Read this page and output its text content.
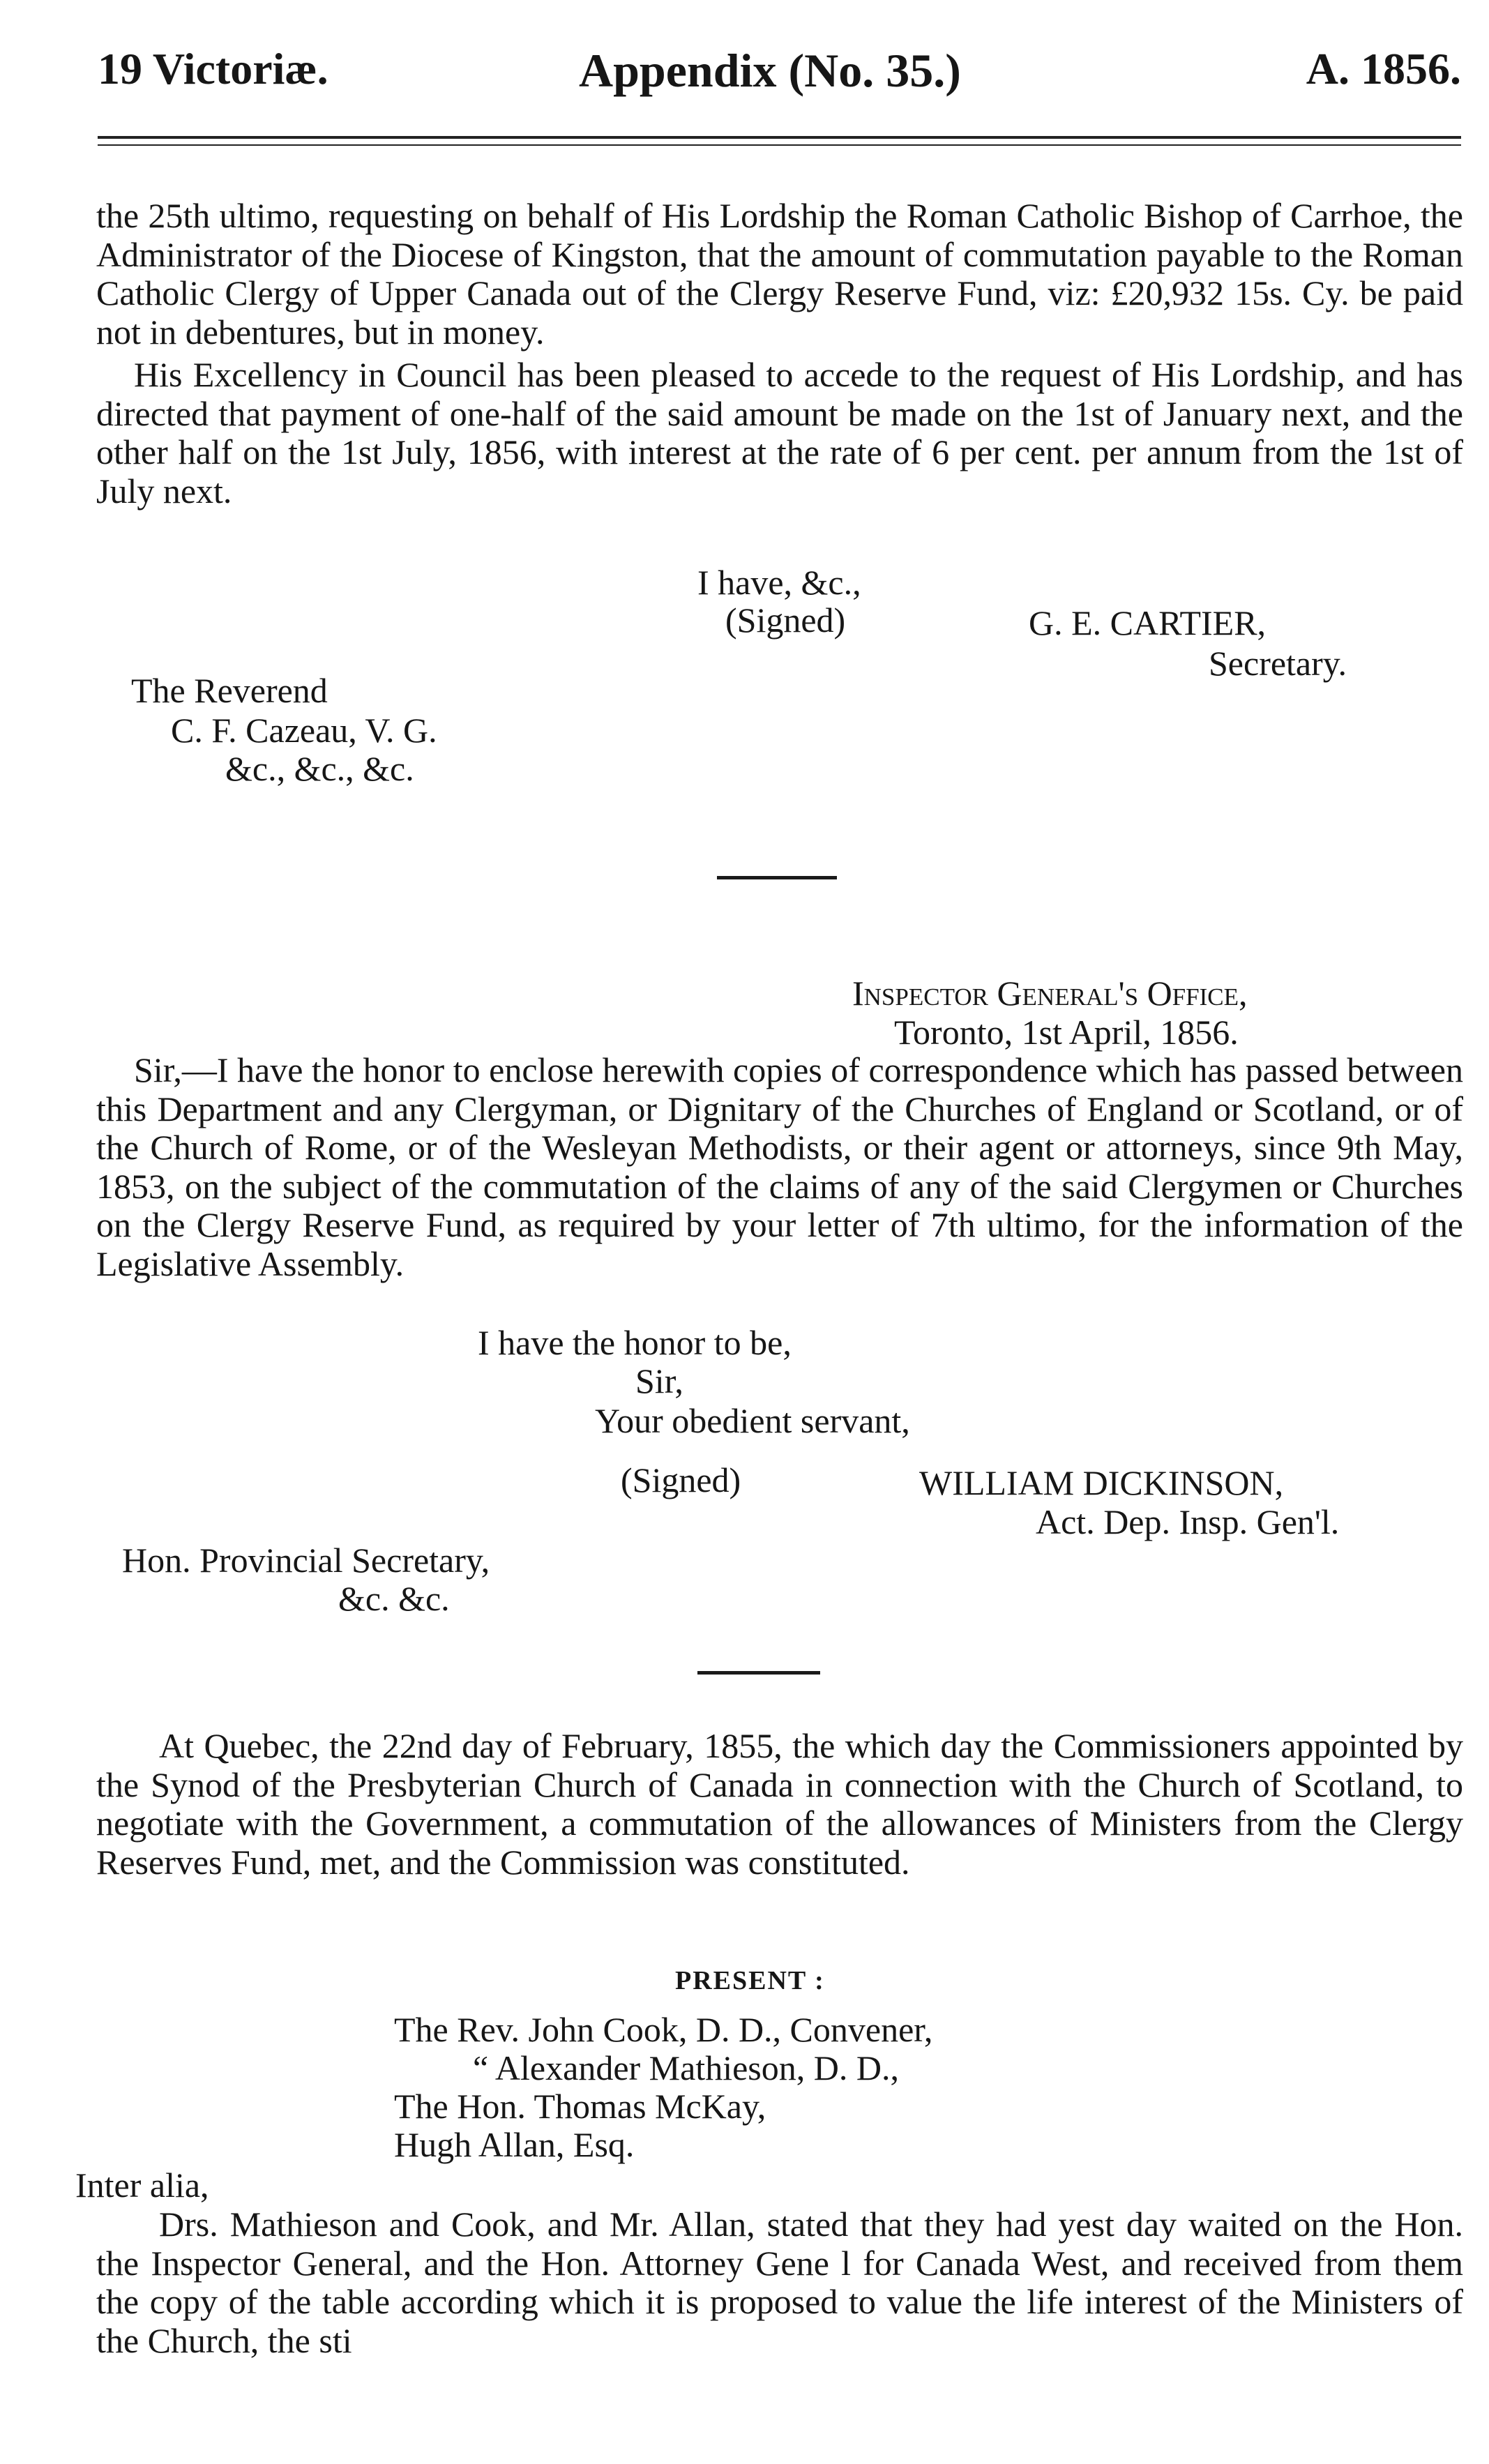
19 Victoriæ.	Appendix (No. 35.)	A. 1856.

the 25th ultimo, requesting on behalf of His Lordship the Roman Catholic Bishop of Carrhoe, the Administrator of the Diocese of Kingston, that the amount of commutation payable to the Roman Catholic Clergy of Upper Canada out of the Clergy Reserve Fund, viz: £20,932 15s. Cy. be paid not in debentures, but in money.

His Excellency in Council has been pleased to accede to the request of His Lordship, and has directed that payment of one-half of the said amount be made on the 1st of January next, and the other half on the 1st July, 1856, with interest at the rate of 6 per cent. per annum from the 1st of July next.

I have, &c.,
(Signed)	G. E. CARTIER,
Secretary.
The Reverend
C. F. Cazeau, V. G.
&c., &c., &c.
Inspector General's Office,
Toronto, 1st April, 1856.

Sir,—I have the honor to enclose herewith copies of correspondence which has passed between this Department and any Clergyman, or Dignitary of the Churches of England or Scotland, or of the Church of Rome, or of the Wesleyan Methodists, or their agent or attorneys, since 9th May, 1853, on the subject of the commutation of the claims of any of the said Clergymen or Churches on the Clergy Reserve Fund, as required by your letter of 7th ultimo, for the information of the Legislative Assembly.

I have the honor to be,
Sir,
Your obedient servant,
(Signed)	WILLIAM DICKINSON,
Act. Dep. Insp. Gen'l.
Hon. Provincial Secretary,
&c. &c.

At Quebec, the 22nd day of February, 1855, the which day the Commissioners appointed by the Synod of the Presbyterian Church of Canada in connection with the Church of Scotland, to negotiate with the Government, a commutation of the allowances of Ministers from the Clergy Reserves Fund, met, and the Commission was constituted.

PRESENT :
The Rev. John Cook, D. D., Convener,
“ Alexander Mathieson, D. D.,
The Hon. Thomas McKay,
Hugh Allan, Esq.
Inter alia,

Drs. Mathieson and Cook, and Mr. Allan, stated that they had yest day waited on the Hon. the Inspector General, and the Hon. Attorney Gene l for Canada West, and received from them the copy of the table according which it is proposed to value the life interest of the Ministers of the Church, the sti
